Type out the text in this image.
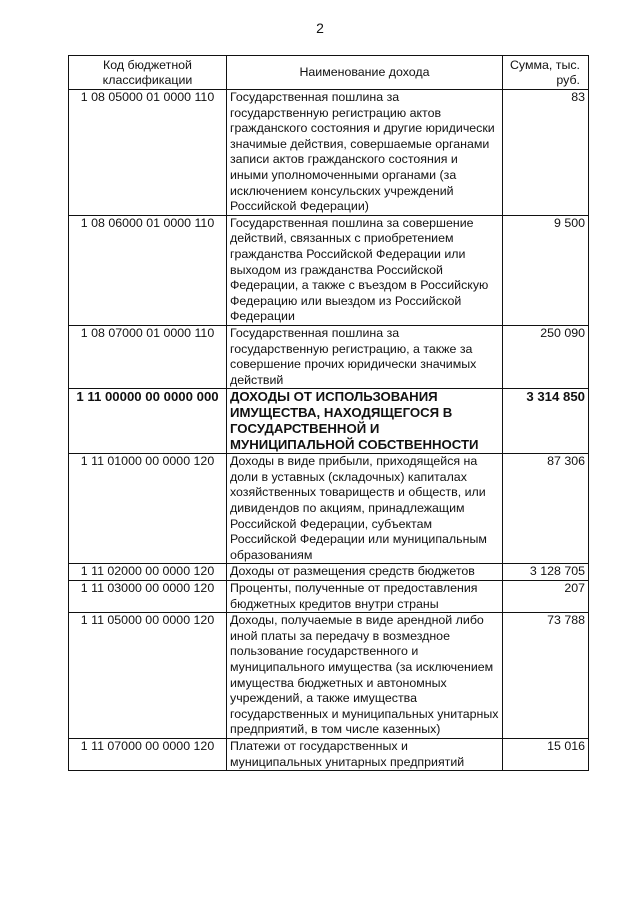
2
Код бюджетной классификации	Наименование дохода	Сумма, тыс. руб.
1 08 05000 01 0000 110	Государственная пошлина за государственную регистрацию актов гражданского состояния и другие юридически значимые действия, совершаемые органами записи актов гражданского состояния и иными уполномоченными органами (за исключением консульских учреждений Российской Федерации)	83
1 08 06000 01 0000 110	Государственная пошлина за совершение действий, связанных с приобретением гражданства Российской Федерации или выходом из гражданства Российской Федерации, а также с въездом в Российскую Федерацию или выездом из Российской Федерации	9 500
1 08 07000 01 0000 110	Государственная пошлина за государственную регистрацию, а также за совершение прочих юридически значимых действий	250 090
1 11 00000 00 0000 000	ДОХОДЫ ОТ ИСПОЛЬЗОВАНИЯ ИМУЩЕСТВА, НАХОДЯЩЕГОСЯ В ГОСУДАРСТВЕННОЙ И МУНИЦИПАЛЬНОЙ СОБСТВЕННОСТИ	3 314 850
1 11 01000 00 0000 120	Доходы в виде прибыли, приходящейся на доли в уставных (складочных) капиталах хозяйственных товариществ и обществ, или дивидендов по акциям, принадлежащим Российской Федерации, субъектам Российской Федерации или муниципальным образованиям	87 306
1 11 02000 00 0000 120	Доходы от размещения средств бюджетов	3 128 705
1 11 03000 00 0000 120	Проценты, полученные от предоставления бюджетных кредитов внутри страны	207
1 11 05000 00 0000 120	Доходы, получаемые в виде арендной либо иной платы за передачу в возмездное пользование государственного и муниципального имущества (за исключением имущества бюджетных и автономных учреждений, а также имущества государственных и муниципальных унитарных предприятий, в том числе казенных)	73 788
1 11 07000 00 0000 120	Платежи от государственных и муниципальных унитарных предприятий	15 016
